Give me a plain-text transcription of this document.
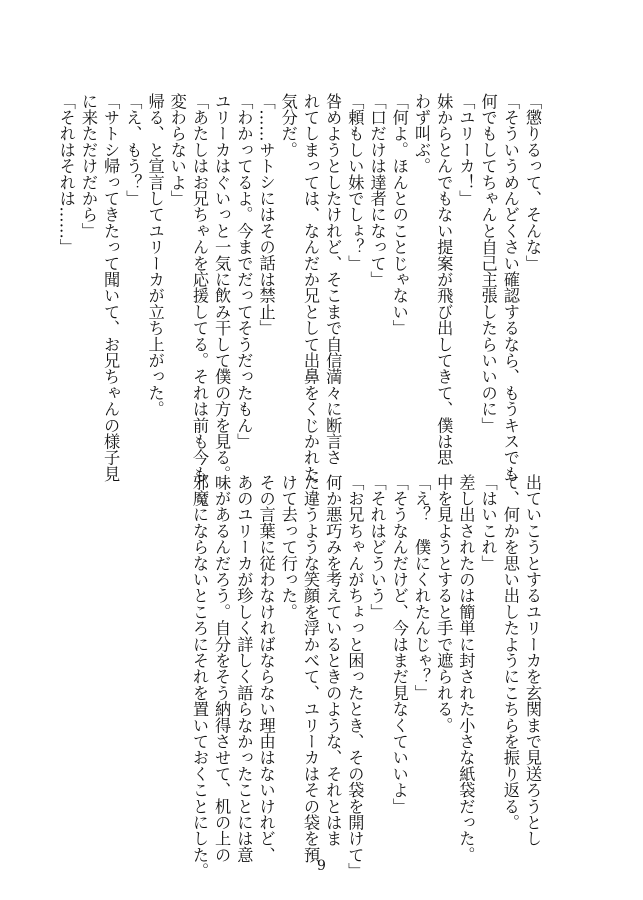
「懲りるって、そんな」
「そういうめんどくさい確認するなら、もうキスでも
何でもしてちゃんと自己主張したらいいのに」
「ユリーカ！」
妹からとんでもない提案が飛び出してきて、僕は思
わず叫ぶ。
「何よ。ほんとのことじゃない」
「口だけは達者になって」
「頼もしい妹でしょ？」
咎めようとしたけれど、そこまで自信満々に断言さ
れてしまっては、なんだか兄として出鼻をくじかれた
気分だ。
「……サトシにはその話は禁止」
「わかってるよ。今までだってそうだったもん」
ユリーカはぐいっと一気に飲み干して僕の方を見る。
「あたしはお兄ちゃんを応援してる。それは前も今も
変わらないよ」
帰る、と宣言してユリーカが立ち上がった。
「え、もう？」
「サトシ帰ってきたって聞いて、お兄ちゃんの様子見
に来ただけだから」
「それはそれは……」
出ていこうとするユリーカを玄関まで見送ろうとし
て、何かを思い出したようにこちらを振り返る。
「はいこれ」
差し出されたのは簡単に封された小さな紙袋だった。
中を見ようとすると手で遮られる。
「え？　僕にくれたんじゃ？」
「そうなんだけど、今はまだ見なくていいよ」
「それはどういう」
「お兄ちゃんがちょっと困ったとき、その袋を開けて」
何か悪巧みを考えているときのような、それとはま
た違うような笑顔を浮かべて、ユリーカはその袋を預
けて去って行った。
その言葉に従わなければならない理由はないけれど、
あのユリーカが珍しく詳しく語らなかったことには意
味があるんだろう。自分をそう納得させて、机の上の
邪魔にならないところにそれを置いておくことにした。	9
